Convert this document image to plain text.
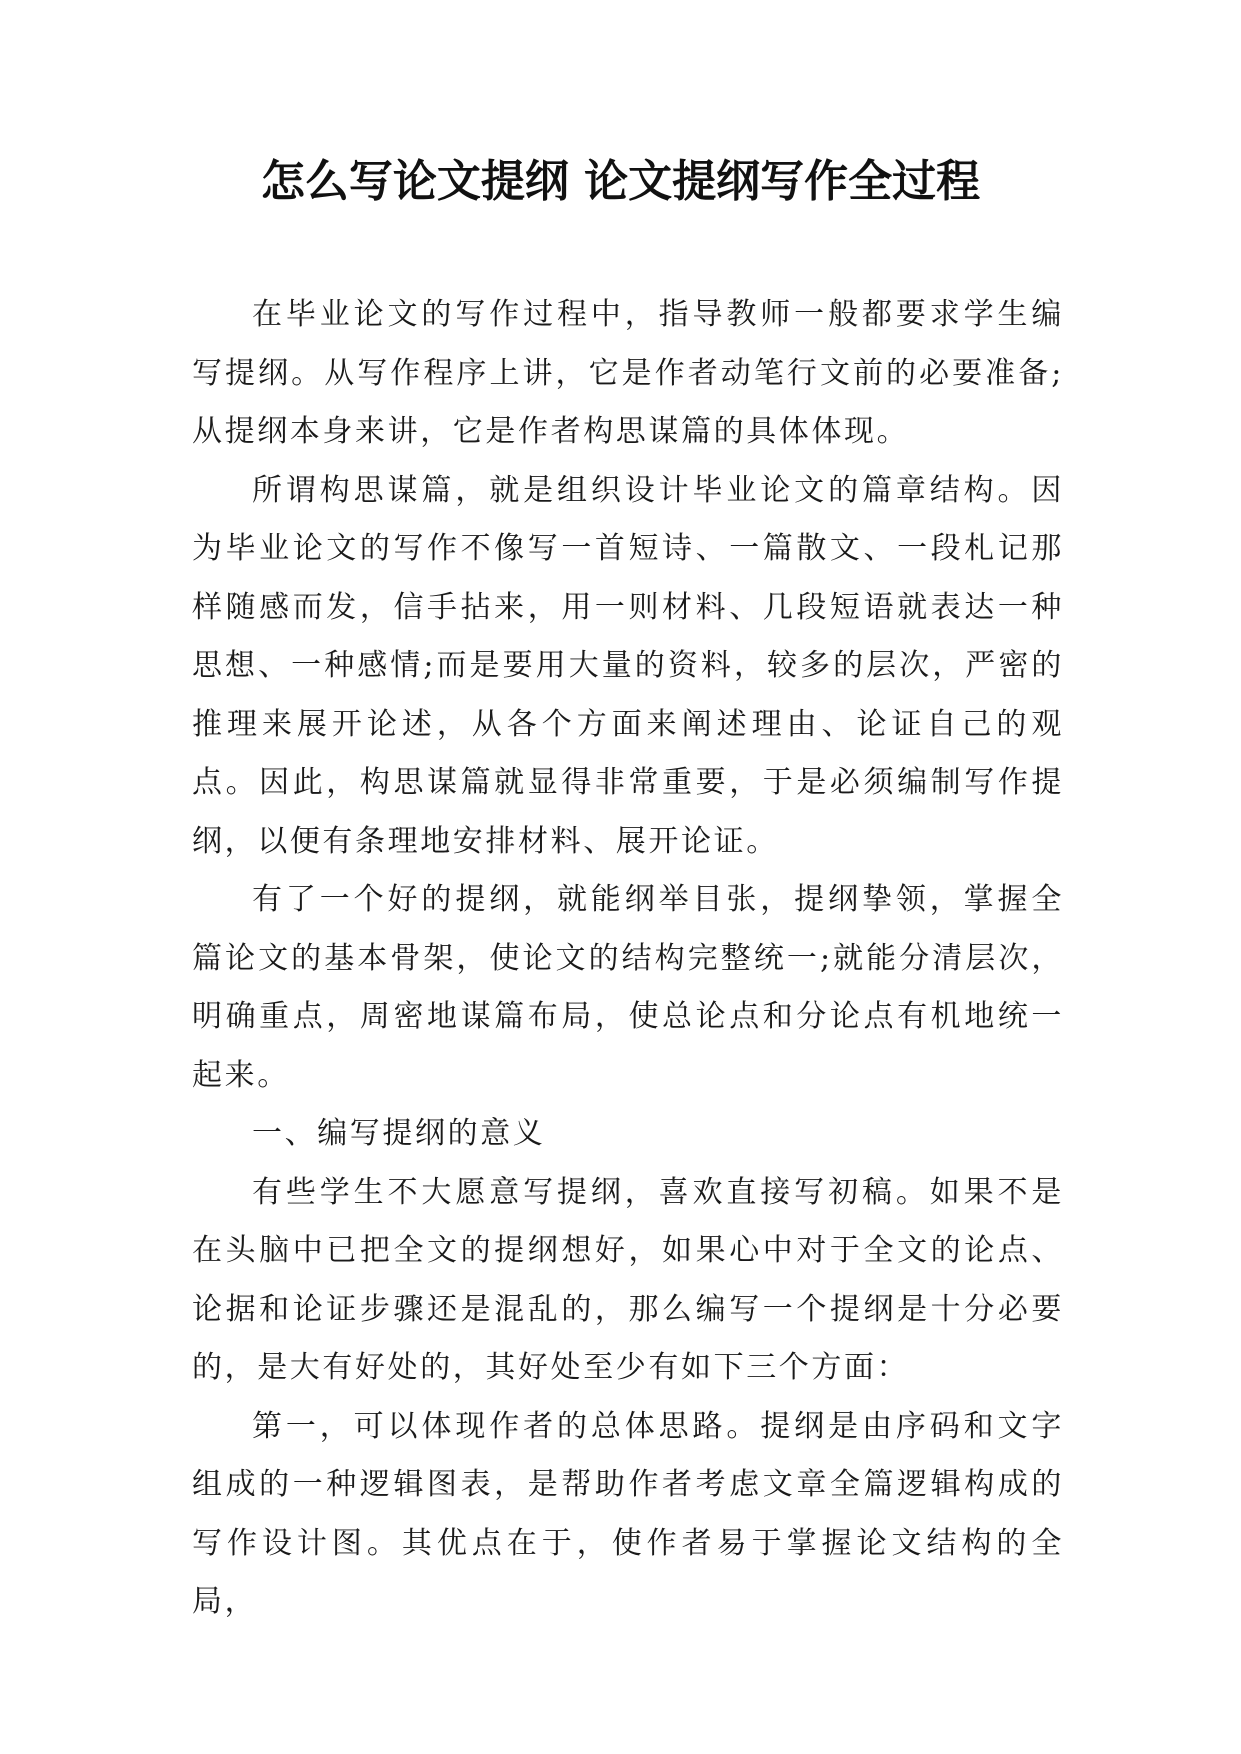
怎么写论文提纲 论文提纲写作全过程

在毕业论文的写作过程中，指导教师一般都要求学生编写提纲。从写作程序上讲，它是作者动笔行文前的必要准备;从提纲本身来讲，它是作者构思谋篇的具体体现。

所谓构思谋篇，就是组织设计毕业论文的篇章结构。因为毕业论文的写作不像写一首短诗、一篇散文、一段札记那样随感而发，信手拈来，用一则材料、几段短语就表达一种思想、一种感情;而是要用大量的资料，较多的层次，严密的推理来展开论述，从各个方面来阐述理由、论证自己的观点。因此，构思谋篇就显得非常重要，于是必须编制写作提纲，以便有条理地安排材料、展开论证。

有了一个好的提纲，就能纲举目张，提纲挚领，掌握全篇论文的基本骨架，使论文的结构完整统一;就能分清层次，明确重点，周密地谋篇布局，使总论点和分论点有机地统一起来。

一、编写提纲的意义

有些学生不大愿意写提纲，喜欢直接写初稿。如果不是在头脑中已把全文的提纲想好，如果心中对于全文的论点、论据和论证步骤还是混乱的，那么编写一个提纲是十分必要的，是大有好处的，其好处至少有如下三个方面：

第一，可以体现作者的总体思路。提纲是由序码和文字组成的一种逻辑图表，是帮助作者考虑文章全篇逻辑构成的写作设计图。其优点在于，使作者易于掌握论文结构的全局，
